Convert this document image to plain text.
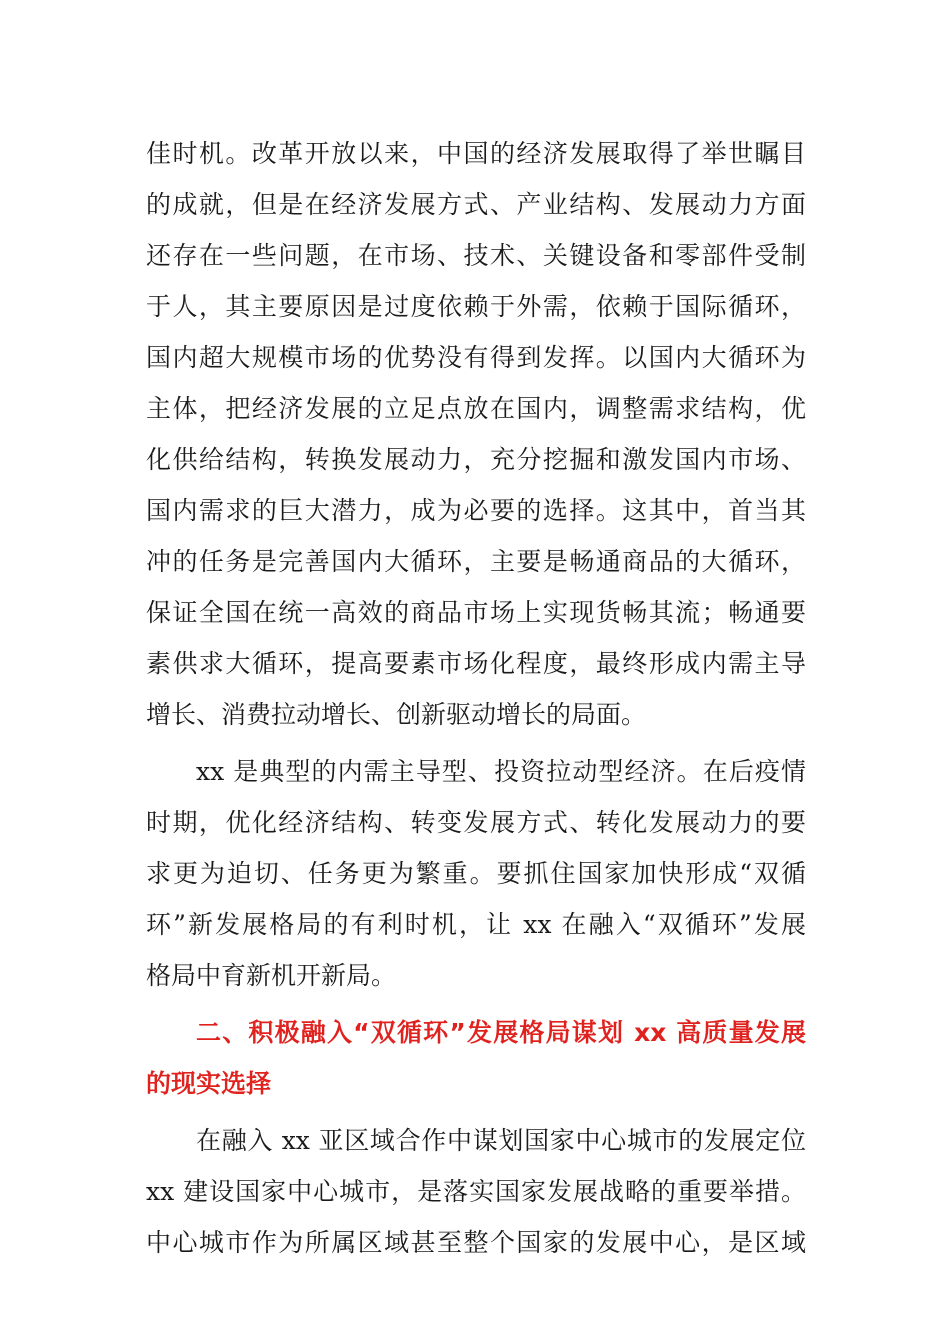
佳时机。改革开放以来，中国的经济发展取得了举世瞩目
的成就，但是在经济发展方式、产业结构、发展动力方面
还存在一些问题，在市场、技术、关键设备和零部件受制
于人，其主要原因是过度依赖于外需，依赖于国际循环，
国内超大规模市场的优势没有得到发挥。以国内大循环为
主体，把经济发展的立足点放在国内，调整需求结构，优
化供给结构，转换发展动力，充分挖掘和激发国内市场、
国内需求的巨大潜力，成为必要的选择。这其中，首当其
冲的任务是完善国内大循环，主要是畅通商品的大循环，
保证全国在统一高效的商品市场上实现货畅其流；畅通要
素供求大循环，提高要素市场化程度，最终形成内需主导
增长、消费拉动增长、创新驱动增长的局面。
xx 是典型的内需主导型、投资拉动型经济。在后疫情
时期，优化经济结构、转变发展方式、转化发展动力的要
求更为迫切、任务更为繁重。要抓住国家加快形成“双循
环”新发展格局的有利时机，让 xx 在融入“双循环”发展
格局中育新机开新局。
二、积极融入“双循环”发展格局谋划 xx 高质量发展
的现实选择
在融入 xx 亚区域合作中谋划国家中心城市的发展定位
xx 建设国家中心城市，是落实国家发展战略的重要举措。
中心城市作为所属区域甚至整个国家的发展中心，是区域
